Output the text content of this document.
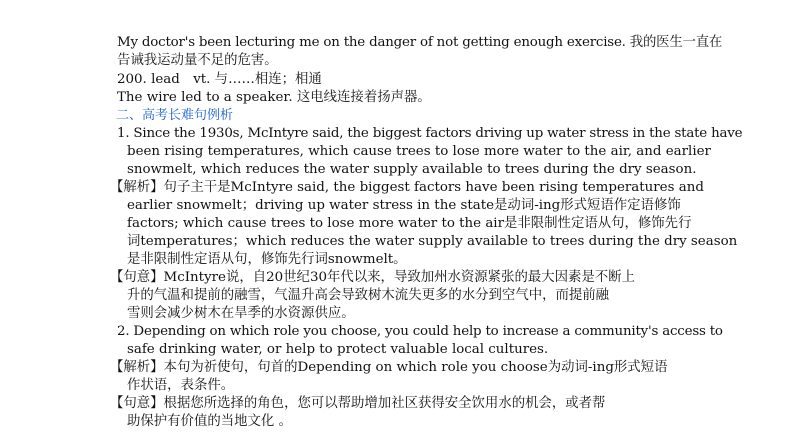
My doctor's been lecturing me on the danger of not getting enough exercise. 我的医生一直在
告诫我运动量不足的危害。
200. lead　vt. 与……相连；相通
The wire led to a speaker. 这电线连接着扬声器。
二、高考长难句例析
1. Since the 1930s, McIntyre said, the biggest factors driving up water stress in the state have
been rising temperatures, which cause trees to lose more water to the air, and earlier
snowmelt, which reduces the water supply available to trees during the dry season.
【解析】句子主干是McIntyre said, the biggest factors have been rising temperatures and
earlier snowmelt；driving up water stress in the state是动词-ing形式短语作定语修饰
factors; which cause trees to lose more water to the air是非限制性定语从句，修饰先行
词temperatures；which reduces the water supply available to trees during the dry season
是非限制性定语从句，修饰先行词snowmelt。
【句意】McIntyre说，自20世纪30年代以来，导致加州水资源紧张的最大因素是不断上
升的气温和提前的融雪，气温升高会导致树木流失更多的水分到空气中，而提前融
雪则会减少树木在旱季的水资源供应。
2. Depending on which role you choose, you could help to increase a community's access to
safe drinking water, or help to protect valuable local cultures.
【解析】本句为祈使句，句首的Depending on which role you choose为动词-ing形式短语
作状语，表条件。
【句意】根据您所选择的角色，您可以帮助增加社区获得安全饮用水的机会，或者帮
助保护有价值的当地文化 。
